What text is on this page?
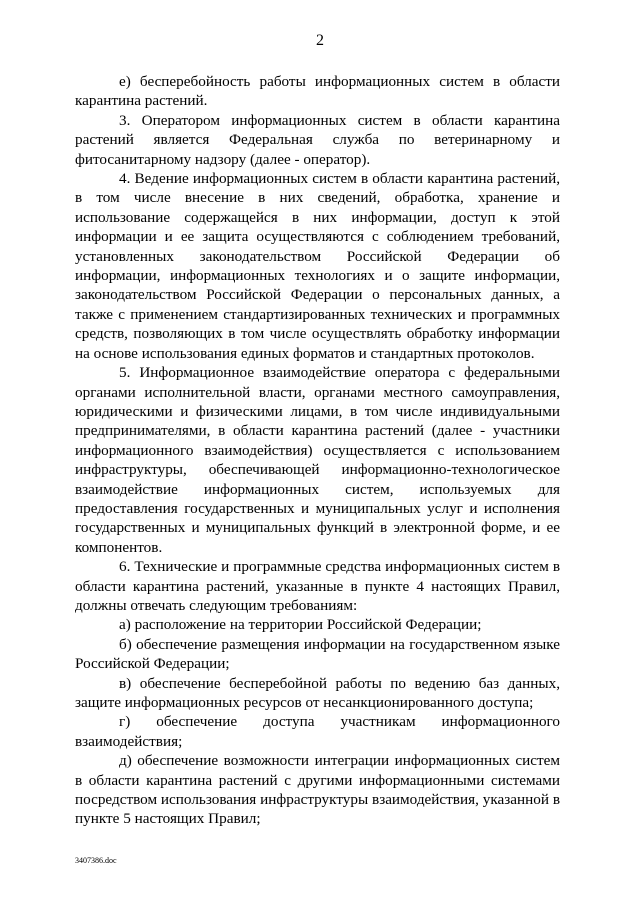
2

е) бесперебойность работы информационных систем в области карантина растений.

3. Оператором информационных систем в области карантина растений является Федеральная служба по ветеринарному и фитосанитарному надзору (далее - оператор).

4. Ведение информационных систем в области карантина растений, в том числе внесение в них сведений, обработка, хранение и использование содержащейся в них информации, доступ к этой информации и ее защита осуществляются с соблюдением требований, установленных законодательством Российской Федерации об информации, информационных технологиях и о защите информации, законодательством Российской Федерации о персональных данных, а также с применением стандартизированных технических и программных средств, позволяющих в том числе осуществлять обработку информации на основе использования единых форматов и стандартных протоколов.

5. Информационное взаимодействие оператора с федеральными органами исполнительной власти, органами местного самоуправления, юридическими и физическими лицами, в том числе индивидуальными предпринимателями, в области карантина растений (далее - участники информационного взаимодействия) осуществляется с использованием инфраструктуры, обеспечивающей информационно-технологическое взаимодействие информационных систем, используемых для предоставления государственных и муниципальных услуг и исполнения государственных и муниципальных функций в электронной форме, и ее компонентов.

6. Технические и программные средства информационных систем в области карантина растений, указанные в пункте 4 настоящих Правил, должны отвечать следующим требованиям:

а) расположение на территории Российской Федерации;

б) обеспечение размещения информации на государственном языке Российской Федерации;

в) обеспечение бесперебойной работы по ведению баз данных, защите информационных ресурсов от несанкционированного доступа;

г) обеспечение доступа участникам информационного взаимодействия;

д) обеспечение возможности интеграции информационных систем в области карантина растений с другими информационными системами посредством использования инфраструктуры взаимодействия, указанной в пункте 5 настоящих Правил;

3407386.doc
